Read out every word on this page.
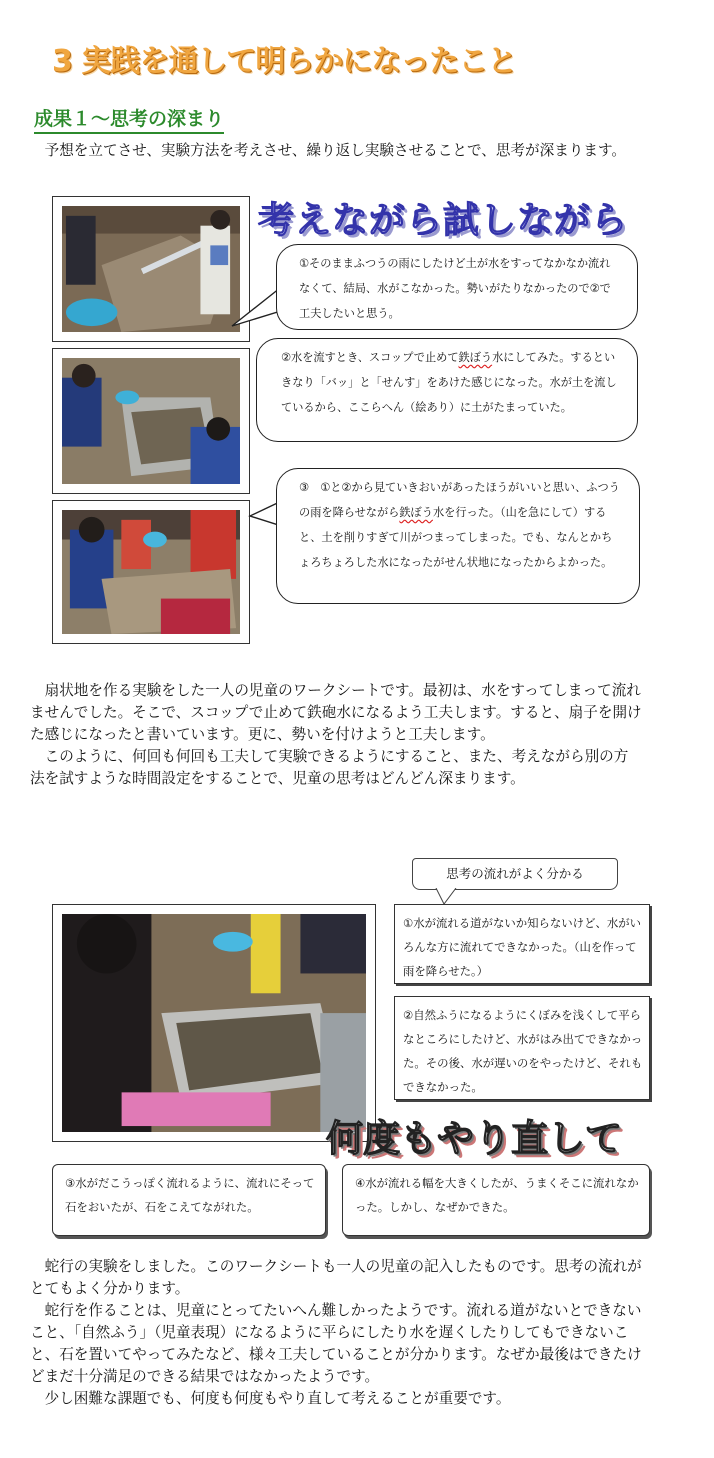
3 実践を通して明らかになったこと
成果１〜思考の深まり

予想を立てさせ、実験方法を考えさせ、繰り返し実験させることで、思考が深まります。

考えながら試しながら
①そのままふつうの雨にしたけど土が水をすってなかなか流れなくて、結局、水がこなかった。勢いがたりなかったので②で工夫したいと思う。
②水を流すとき、スコップで止めて鉄ぼう水にしてみた。するといきなり「バッ」と「せんす」をあけた感じになった。水が土を流しているから、ここらへん（絵あり）に土がたまっていた。
③　①と②から見ていきおいがあったほうがいいと思い、ふつうの雨を降らせながら鉄ぼう水を行った。（山を急にして）すると、土を削りすぎて川がつまってしまった。でも、なんとかちょろちょろした水になったがせん状地になったからよかった。

扇状地を作る実験をした一人の児童のワークシートです。最初は、水をすってしまって流れませんでした。そこで、スコップで止めて鉄砲水になるよう工夫します。すると、扇子を開けた感じになったと書いています。更に、勢いを付けようと工夫します。

このように、何回も何回も工夫して実験できるようにすること、また、考えながら別の方法を試すような時間設定をすることで、児童の思考はどんどん深まります。

思考の流れがよく分かる
①水が流れる道がないか知らないけど、水がいろんな方に流れてできなかった。（山を作って雨を降らせた。）
②自然ふうになるようにくぼみを浅くして平らなところにしたけど、水がはみ出てできなかった。その後、水が遅いのをやったけど、それもできなかった。
何度もやり直して
③水がだこうっぽく流れるように、流れにそって石をおいたが、石をこえてながれた。
④水が流れる幅を大きくしたが、うまくそこに流れなかった。しかし、なぜかできた。

蛇行の実験をしました。このワークシートも一人の児童の記入したものです。思考の流れがとてもよく分かります。

蛇行を作ることは、児童にとってたいへん難しかったようです。流れる道がないとできないこと、「自然ふう」（児童表現）になるように平らにしたり水を遅くしたりしてもできないこと、石を置いてやってみたなど、様々工夫していることが分かります。なぜか最後はできたけどまだ十分満足のできる結果ではなかったようです。

少し困難な課題でも、何度も何度もやり直して考えることが重要です。
